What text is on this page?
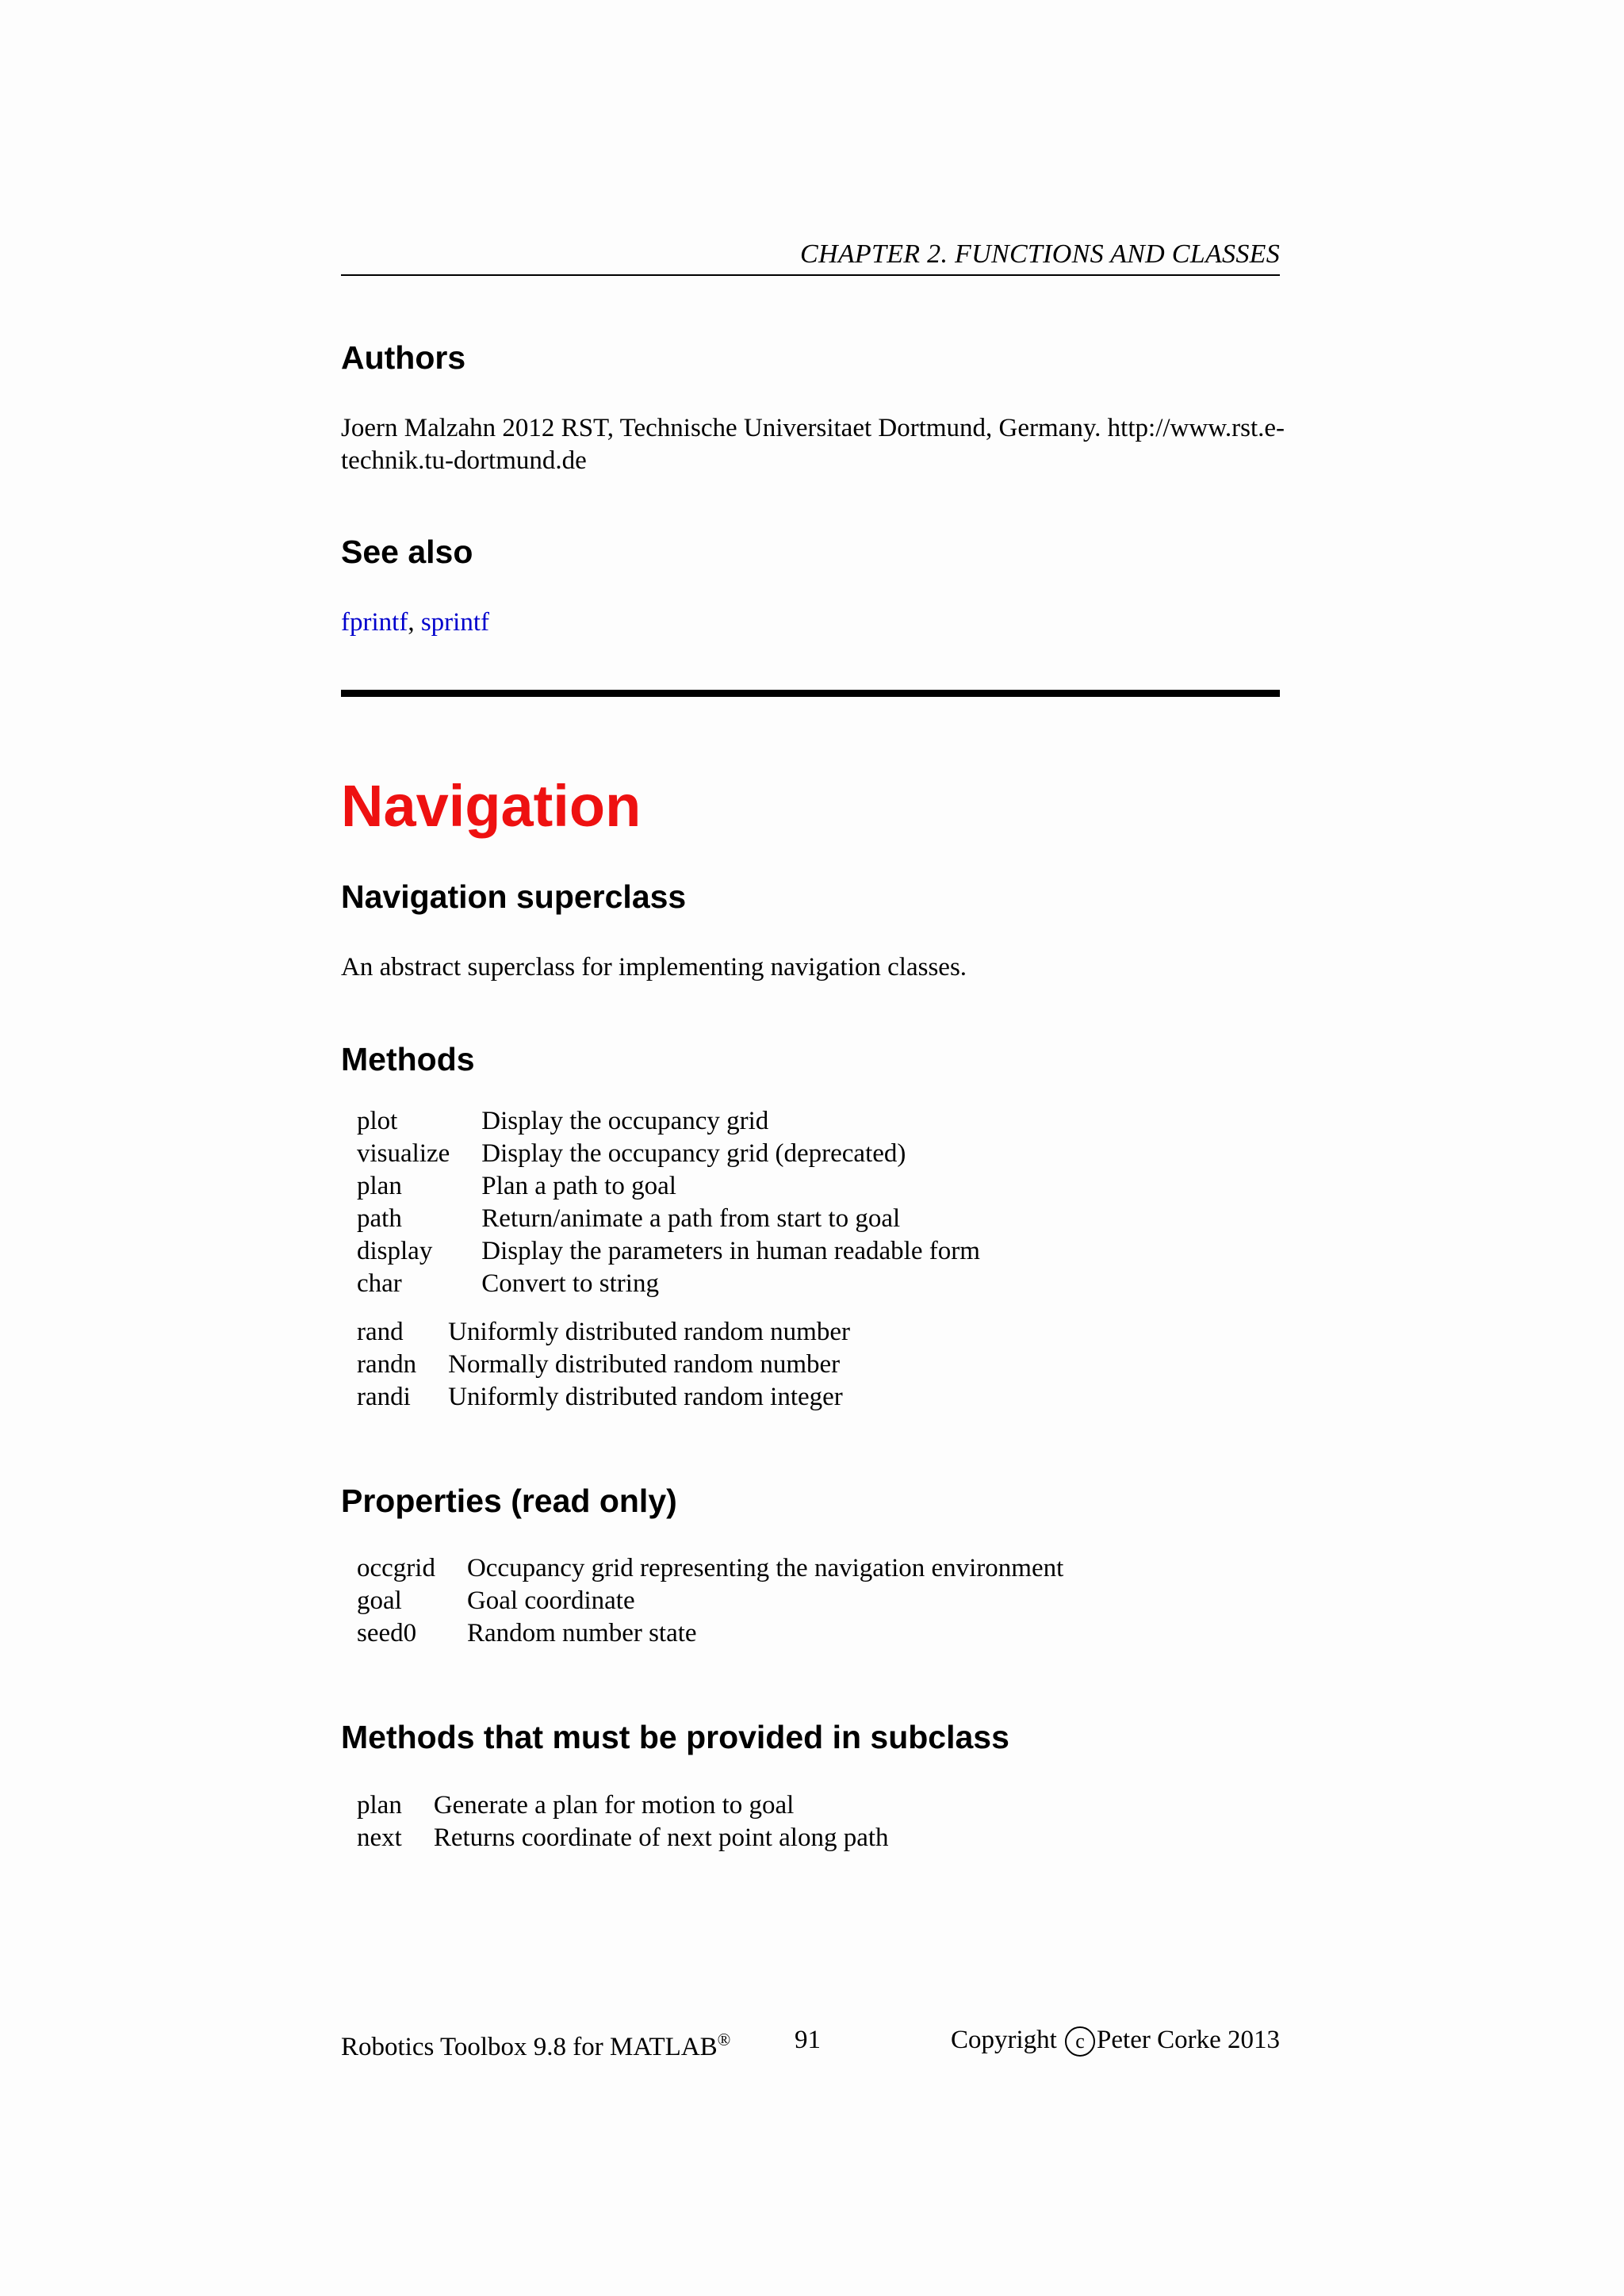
CHAPTER 2. FUNCTIONS AND CLASSES
Authors

Joern Malzahn 2012 RST, Technische Universitaet Dortmund, Germany. http://www.rst.e-
technik.tu-dortmund.de

See also

fprintf, sprintf

Navigation
Navigation superclass

An abstract superclass for implementing navigation classes.

Methods
plot	Display the occupancy grid
visualize	Display the occupancy grid (deprecated)
plan	Plan a path to goal
path	Return/animate a path from start to goal
display	Display the parameters in human readable form
char	Convert to string
rand	Uniformly distributed random number
randn	Normally distributed random number
randi	Uniformly distributed random integer
Properties (read only)
occgrid	Occupancy grid representing the navigation environment
goal	Goal coordinate
seed0	Random number state
Methods that must be provided in subclass
plan	Generate a plan for motion to goal
next	Returns coordinate of next point along path
Robotics Toolbox 9.8 for MATLAB® 91	Copyright c Peter Corke 2013
